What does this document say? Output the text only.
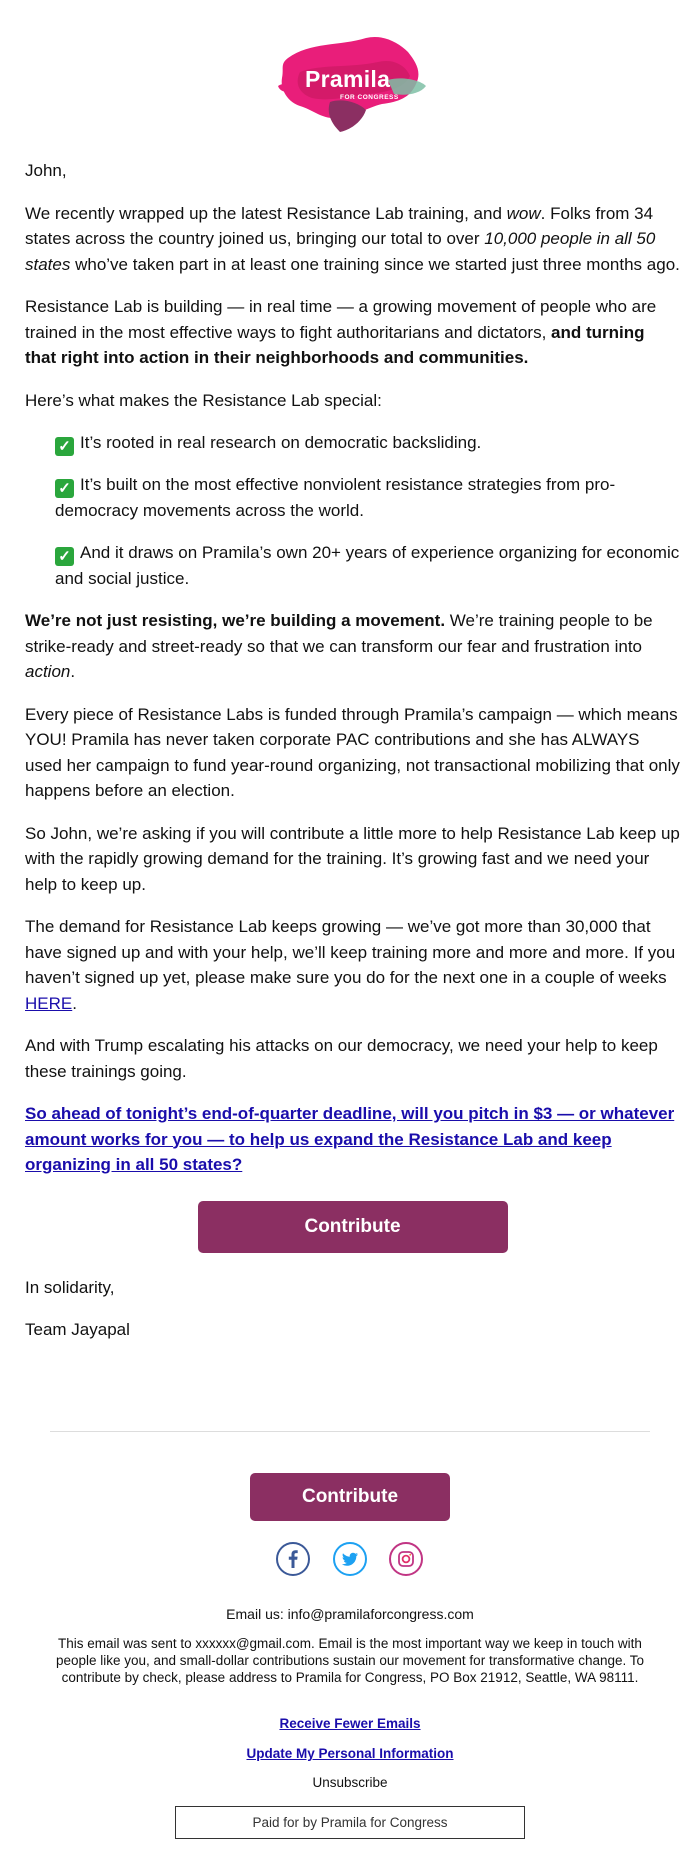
Pramila
FOR CONGRESS

John,

We recently wrapped up the latest Resistance Lab training, and wow. Folks from 34 states across the country joined us, bringing our total to over 10,000 people in all 50 states who’ve taken part in at least one training since we started just three months ago.

Resistance Lab is building — in real time — a growing movement of people who are trained in the most effective ways to fight authoritarians and dictators, and turning that right into action in their neighborhoods and communities.

Here’s what makes the Resistance Lab special:

✓ It’s rooted in real research on democratic backsliding.

✓ It’s built on the most effective nonviolent resistance strategies from pro-democracy movements across the world.

✓ And it draws on Pramila’s own 20+ years of experience organizing for economic and social justice.

We’re not just resisting, we’re building a movement. We’re training people to be strike-ready and street-ready so that we can transform our fear and frustration into action.

Every piece of Resistance Labs is funded through Pramila’s campaign — which means YOU! Pramila has never taken corporate PAC contributions and she has ALWAYS used her campaign to fund year-round organizing, not transactional mobilizing that only happens before an election.

So John, we’re asking if you will contribute a little more to help Resistance Lab keep up with the rapidly growing demand for the training. It’s growing fast and we need your help to keep up.

The demand for Resistance Lab keeps growing — we’ve got more than 30,000 that have signed up and with your help, we’ll keep training more and more and more. If you haven’t signed up yet, please make sure you do for the next one in a couple of weeks HERE.

And with Trump escalating his attacks on our democracy, we need your help to keep these trainings going.

So ahead of tonight’s end-of-quarter deadline, will you pitch in $3 — or whatever amount works for you — to help us expand the Resistance Lab and keep organizing in all 50 states?

Contribute

In solidarity,

Team Jayapal

Contribute
Email us: info@pramilaforcongress.com
This email was sent to xxxxxx@gmail.com. Email is the most important way we keep in touch with people like you, and small-dollar contributions sustain our movement for transformative change. To contribute by check, please address to Pramila for Congress, PO Box 21912, Seattle, WA 98111.
Receive Fewer Emails
Update My Personal Information
Unsubscribe
Paid for by Pramila for Congress
